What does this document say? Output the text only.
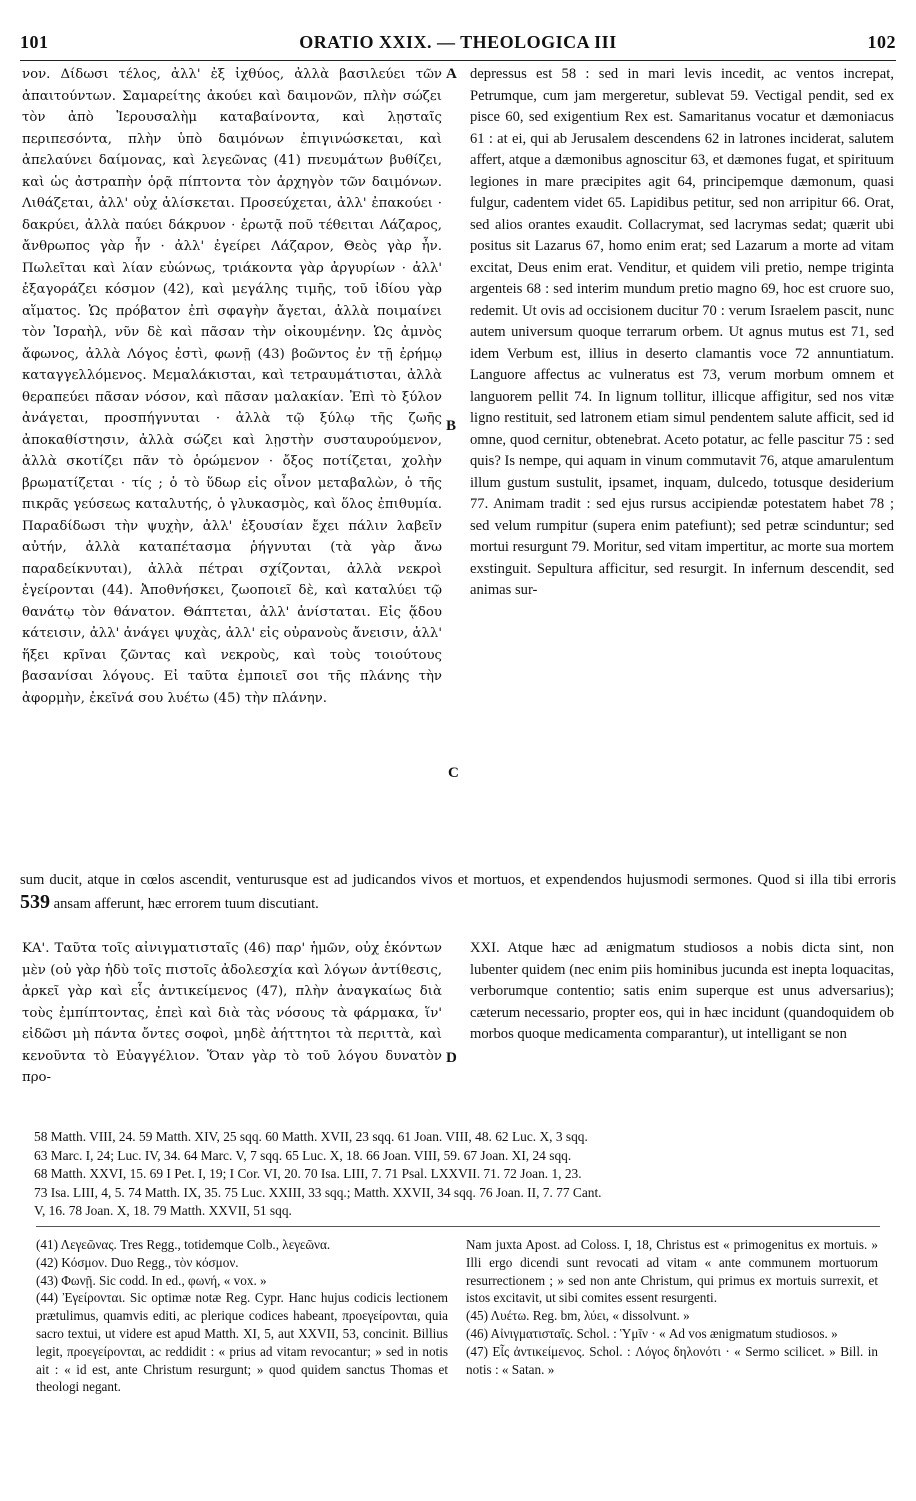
101	ORATIO XXIX. — THEOLOGICA III	102

νον. Δίδωσι τέλος, ἀλλ' ἐξ ἰχθύος, ἀλλὰ βασιλεύει τῶν ἀπαιτούντων. Σαμαρείτης ἀκούει καὶ δαιμονῶν, πλὴν σώζει τὸν ἀπὸ Ἱερουσαλὴμ καταβαίνοντα, καὶ λῃσταῖς περιπεσόντα, πλὴν ὑπὸ δαιμόνων ἐπιγινώσκεται, καὶ ἀπελαύνει δαίμονας, καὶ λεγεῶνας (41) πνευμάτων βυθίζει, καὶ ὡς ἀστραπὴν ὁρᾷ πίπτοντα τὸν ἀρχηγὸν τῶν δαιμόνων. Λιθάζεται, ἀλλ' οὐχ ἁλίσκεται. Προσεύχεται, ἀλλ' ἐπακούει · δακρύει, ἀλλὰ παύει δάκρυον · ἐρωτᾷ ποῦ τέθειται Λάζαρος, ἄνθρωπος γὰρ ἦν · ἀλλ' ἐγείρει Λάζαρον, Θεὸς γὰρ ἦν. Πωλεῖται καὶ λίαν εὐώνως, τριάκοντα γὰρ ἀργυρίων · ἀλλ' ἐξαγοράζει κόσμον (42), καὶ μεγάλης τιμῆς, τοῦ ἰδίου γὰρ αἵματος. Ὡς πρόβατον ἐπὶ σφαγὴν ἄγεται, ἀλλὰ ποιμαίνει τὸν Ἰσραὴλ, νῦν δὲ καὶ πᾶσαν τὴν οἰκουμένην. Ὡς ἀμνὸς ἄφωνος, ἀλλὰ Λόγος ἐστὶ, φωνῇ (43) βοῶντος ἐν τῇ ἐρήμῳ καταγγελλόμενος. Μεμαλάκισται, καὶ τετραυμάτισται, ἀλλὰ θεραπεύει πᾶσαν νόσον, καὶ πᾶσαν μαλακίαν. Ἐπὶ τὸ ξύλον ἀνάγεται, προσπήγνυται · ἀλλὰ τῷ ξύλῳ τῆς ζωῆς ἀποκαθίστησιν, ἀλλὰ σώζει καὶ λῃστὴν συσταυρούμενον, ἀλλὰ σκοτίζει πᾶν τὸ ὁρώμενον · ὄξος ποτίζεται, χολὴν βρωματίζεται · τίς ; ὁ τὸ ὕδωρ εἰς οἶνον μεταβαλὼν, ὁ τῆς πικρᾶς γεύσεως καταλυτής, ὁ γλυκασμὸς, καὶ ὅλος ἐπιθυμία. Παραδίδωσι τὴν ψυχὴν, ἀλλ' ἐξουσίαν ἔχει πάλιν λαβεῖν αὐτήν, ἀλλὰ καταπέτασμα ῥήγνυται (τὰ γὰρ ἄνω παραδείκνυται), ἀλλὰ πέτραι σχίζονται, ἀλλὰ νεκροὶ ἐγείρονται (44). Ἀποθνήσκει, ζωοποιεῖ δὲ, καὶ καταλύει τῷ θανάτῳ τὸν θάνατον. Θάπτεται, ἀλλ' ἀνίσταται. Εἰς ᾅδου κάτεισιν, ἀλλ' ἀνάγει ψυχὰς, ἀλλ' εἰς οὐρανοὺς ἄνεισιν, ἀλλ' ἥξει κρῖναι ζῶντας καὶ νεκροὺς, καὶ τοὺς τοιούτους βασανίσαι λόγους. Εἰ ταῦτα ἐμποιεῖ σοι τῆς πλάνης τὴν ἀφορμὴν, ἐκεῖνά σου λυέτω (45) τὴν πλάνην.

depressus est 58 : sed in mari levis incedit, ac ventos increpat, Petrumque, cum jam mergeretur, sublevat 59. Vectigal pendit, sed ex pisce 60, sed exigentium Rex est. Samaritanus vocatur et dæmoniacus 61 : at ei, qui ab Jerusalem descendens 62 in latrones inciderat, salutem affert, atque a dæmonibus agnoscitur 63, et dæmones fugat, et spirituum legiones in mare præcipites agit 64, principemque dæmonum, quasi fulgur, cadentem videt 65. Lapidibus petitur, sed non arripitur 66. Orat, sed alios orantes exaudit. Collacrymat, sed lacrymas sedat; quærit ubi positus sit Lazarus 67, homo enim erat; sed Lazarum a morte ad vitam excitat, Deus enim erat. Venditur, et quidem vili pretio, nempe triginta argenteis 68 : sed interim mundum pretio magno 69, hoc est cruore suo, redemit. Ut ovis ad occisionem ducitur 70 : verum Israelem pascit, nunc autem universum quoque terrarum orbem. Ut agnus mutus est 71, sed idem Verbum est, illius in deserto clamantis voce 72 annuntiatum. Languore affectus ac vulneratus est 73, verum morbum omnem et languorem pellit 74. In lignum tollitur, illicque affigitur, sed nos vitæ ligno restituit, sed latronem etiam simul pendentem salute afficit, sed id omne, quod cernitur, obtenebrat. Aceto potatur, ac felle pascitur 75 : sed quis? Is nempe, qui aquam in vinum commutavit 76, atque amarulentum illum gustum sustulit, ipsamet, inquam, dulcedo, totusque desiderium 77. Animam tradit : sed ejus rursus accipiendæ potestatem habet 78 ; sed velum rumpitur (supera enim patefiunt); sed petræ scinduntur; sed mortui resurgunt 79. Moritur, sed vitam impertitur, ac morte sua mortem exstinguit. Sepultura afficitur, sed resurgit. In infernum descendit, sed animas sur-

A
B
C
D
sum ducit, atque in cœlos ascendit, venturusque est ad judicandos vivos et mortuos, et expendendos hujusmodi sermones. Quod si illa tibi erroris 539 ansam afferunt, hæc errorem tuum discutiant.

ΚΑ'. Ταῦτα τοῖς αἰνιγματισταῖς (46) παρ' ἡμῶν, οὐχ ἑκόντων μὲν (οὐ γὰρ ἡδὺ τοῖς πιστοῖς ἀδολεσχία καὶ λόγων ἀντίθεσις, ἀρκεῖ γὰρ καὶ εἷς ἀντικείμενος (47), πλὴν ἀναγκαίως διὰ τοὺς ἐμπίπτοντας, ἐπεὶ καὶ διὰ τὰς νόσους τὰ φάρμακα, ἵν' εἰδῶσι μὴ πάντα ὄντες σοφοὶ, μηδὲ ἀήττητοι τὰ περιττὰ, καὶ κενοῦντα τὸ Εὐαγγέλιον. Ὅταν γὰρ τὸ τοῦ λόγου δυνατὸν προ-

XXI. Atque hæc ad ænigmatum studiosos a nobis dicta sint, non lubenter quidem (nec enim piis hominibus jucunda est inepta loquacitas, verborumque contentio; satis enim superque est unus adversarius); cæterum necessario, propter eos, qui in hæc incidunt (quandoquidem ob morbos quoque medicamenta comparantur), ut intelligant se non

58 Matth. VIII, 24. 59 Matth. XIV, 25 sqq. 60 Matth. XVII, 23 sqq. 61 Joan. VIII, 48. 62 Luc. X, 3 sqq.

63 Marc. I, 24; Luc. IV, 34. 64 Marc. V, 7 sqq. 65 Luc. X, 18. 66 Joan. VIII, 59. 67 Joan. XI, 24 sqq.

68 Matth. XXVI, 15. 69 I Pet. I, 19; I Cor. VI, 20. 70 Isa. LIII, 7. 71 Psal. LXXVII. 71. 72 Joan. 1, 23.

73 Isa. LIII, 4, 5. 74 Matth. IX, 35. 75 Luc. XXIII, 33 sqq.; Matth. XXVII, 34 sqq. 76 Joan. II, 7. 77 Cant.

V, 16. 78 Joan. X, 18. 79 Matth. XXVII, 51 sqq.

(41) Λεγεῶνας. Tres Regg., totidemque Colb., λεγεῶνα.

(42) Κόσμον. Duo Regg., τὸν κόσμον.

(43) Φωνῇ. Sic codd. In ed., φωνή, « vox. »

(44) Ἐγείρονται. Sic optimæ notæ Reg. Cypr. Hanc hujus codicis lectionem prætulimus, quamvis editi, ac plerique codices habeant, προεγείρονται, quia sacro textui, ut videre est apud Matth. XI, 5, aut XXVII, 53, concinit. Billius legit, προεγείρονται, ac reddidit : « prius ad vitam revocantur; » sed in notis ait : « id est, ante Christum resurgunt; » quod quidem sanctus Thomas et theologi negant.

Nam juxta Apost. ad Coloss. I, 18, Christus est « primogenitus ex mortuis. » Illi ergo dicendi sunt revocati ad vitam « ante communem mortuorum resurrectionem ; » sed non ante Christum, qui primus ex mortuis surrexit, et istos excitavit, ut sibi comites essent resurgenti.

(45) Λυέτω. Reg. bm, λύει, « dissolvunt. »

(46) Αἰνιγματισταῖς. Schol. : Ὑμῖν · « Ad vos ænigmatum studiosos. »

(47) Εἷς ἀντικείμενος. Schol. : Λόγος δηλονότι · « Sermo scilicet. » Bill. in notis : « Satan. »
